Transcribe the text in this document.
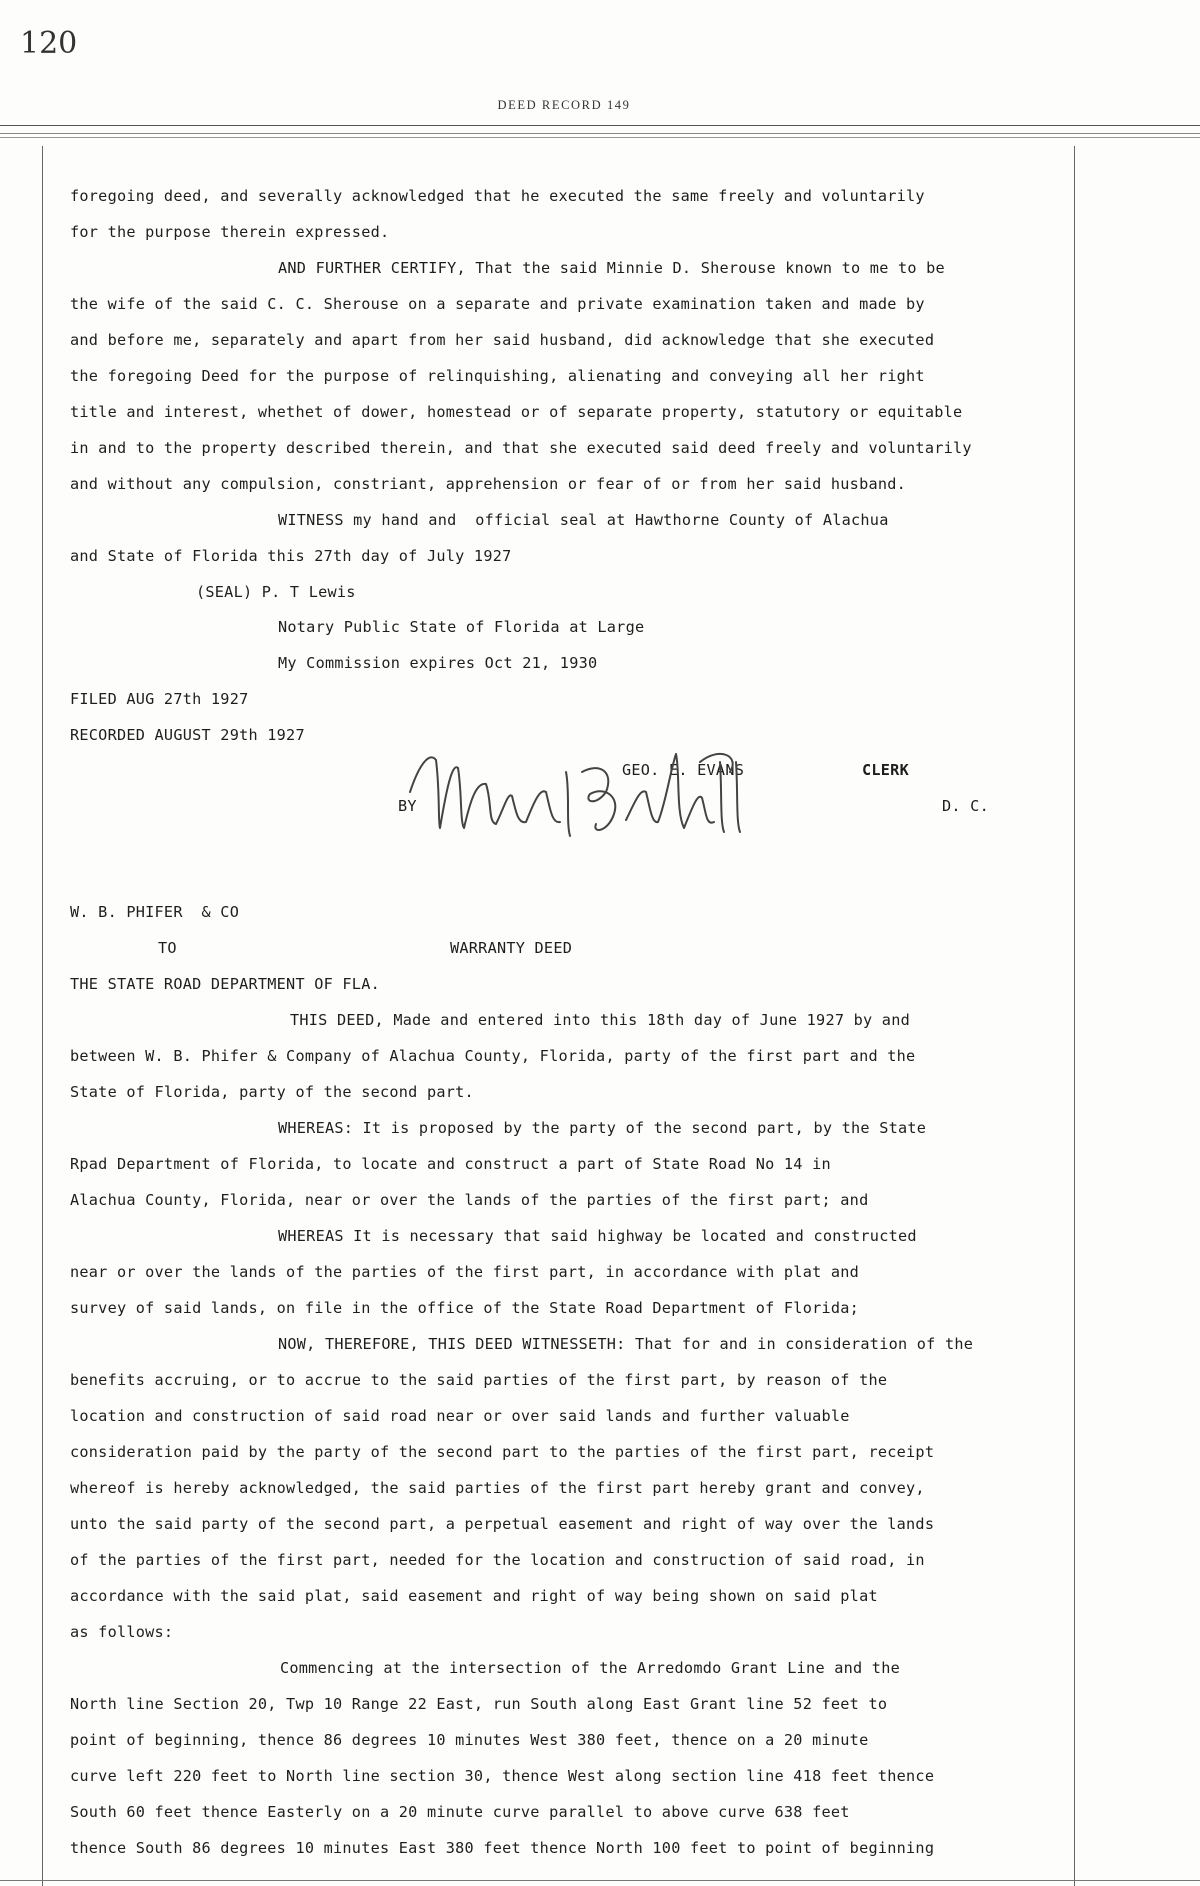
120
DEED RECORD 149
foregoing deed, and severally acknowledged that he executed the same freely and voluntarily
for the purpose therein expressed.
AND FURTHER CERTIFY, That the said Minnie D. Sherouse known to me to be
the wife of the said C. C. Sherouse on a separate and private examination taken and made by
and before me, separately and apart from her said husband, did acknowledge that she executed
the foregoing Deed for the purpose of relinquishing, alienating and conveying all her right
title and interest, whethet of dower, homestead or of separate property, statutory or equitable
in and to the property described therein, and that she executed said deed freely and voluntarily
and without any compulsion, constriant, apprehension or fear of or from her said husband.
WITNESS my hand and  official seal at Hawthorne County of Alachua
and State of Florida this 27th day of July 1927
(SEAL) P. T Lewis
Notary Public State of Florida at Large
My Commission expires Oct 21, 1930
FILED AUG 27th 1927
RECORDED AUGUST 29th 1927
GEO. E. EVANS	CLERK
BY	D. C.
W. B. PHIFER  & CO
TO	WARRANTY DEED
THE STATE ROAD DEPARTMENT OF FLA.
THIS DEED, Made and entered into this 18th day of June 1927 by and
between W. B. Phifer & Company of Alachua County, Florida, party of the first part and the
State of Florida, party of the second part.
WHEREAS: It is proposed by the party of the second part, by the State
Rpad Department of Florida, to locate and construct a part of State Road No 14 in
Alachua County, Florida, near or over the lands of the parties of the first part; and
WHEREAS It is necessary that said highway be located and constructed
near or over the lands of the parties of the first part, in accordance with plat and
survey of said lands, on file in the office of the State Road Department of Florida;
NOW, THEREFORE, THIS DEED WITNESSETH: That for and in consideration of the
benefits accruing, or to accrue to the said parties of the first part, by reason of the
location and construction of said road near or over said lands and further valuable
consideration paid by the party of the second part to the parties of the first part, receipt
whereof is hereby acknowledged, the said parties of the first part hereby grant and convey,
unto the said party of the second part, a perpetual easement and right of way over the lands
of the parties of the first part, needed for the location and construction of said road, in
accordance with the said plat, said easement and right of way being shown on said plat
as follows:
Commencing at the intersection of the Arredomdo Grant Line and the
North line Section 20, Twp 10 Range 22 East, run South along East Grant line 52 feet to
point of beginning, thence 86 degrees 10 minutes West 380 feet, thence on a 20 minute
curve left 220 feet to North line section 30, thence West along section line 418 feet thence
South 60 feet thence Easterly on a 20 minute curve parallel to above curve 638 feet
thence South 86 degrees 10 minutes East 380 feet thence North 100 feet to point of beginning
